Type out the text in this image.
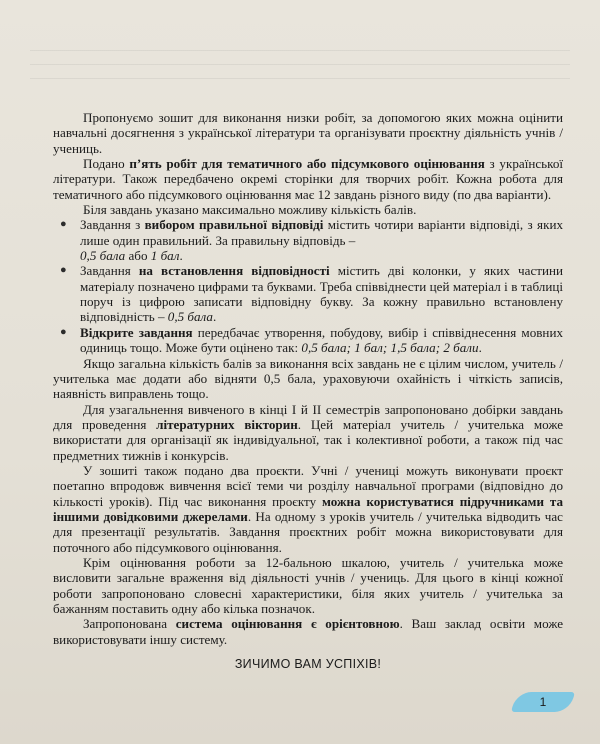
Пропонуємо зошит для виконання низки робіт, за допомогою яких можна оцінити навчальні досягнення з української літератури та організувати проєктну діяльність учнів / учениць.

Подано п’ять робіт для тематичного або підсумкового оцінювання з української літератури. Також передбачено окремі сторінки для творчих робіт. Кожна робота для тематичного або підсумкового оцінювання має 12 завдань різного виду (по два варіанти).

Біля завдань указано максимально можливу кількість балів.

● Завдання з вибором правильної відповіді містить чотири варіанти відповіді, з яких лише один правильний. За правильну відповідь –
0,5 бала або 1 бал.
● Завдання на встановлення відповідності містить дві колонки, у яких частини матеріалу позначено цифрами та буквами. Треба співвіднести цей матеріал і в таблиці поруч із цифрою записати відповідну букву. За кожну правильно встановлену відповідність – 0,5 бала.
● Відкрите завдання передбачає утворення, побудову, вибір і співвіднесення мовних одиниць тощо. Може бути оцінено так: 0,5 бала; 1 бал; 1,5 бала; 2 бали.

Якщо загальна кількість балів за виконання всіх завдань не є цілим числом, учитель / учителька має додати або відняти 0,5 бала, ураховуючи охайність і чіткість записів, наявність виправлень тощо.

Для узагальнення вивченого в кінці І й ІІ семестрів запропоновано добірки завдань для проведення літературних вікторин. Цей матеріал учитель / учителька може використати для організації як індивідуальної, так і колективної роботи, а також під час предметних тижнів і конкурсів.

У зошиті також подано два проєкти. Учні / учениці можуть виконувати проєкт поетапно впродовж вивчення всієї теми чи розділу навчальної програми (відповідно до кількості уроків). Під час виконання проєкту можна користуватися підручниками та іншими довідковими джерелами. На одному з уроків учитель / учителька відводить час для презентації результатів. Завдання проєктних робіт можна використовувати для поточного або підсумкового оцінювання.

Крім оцінювання роботи за 12-бальною шкалою, учитель / учителька може висловити загальне враження від діяльності учнів / учениць. Для цього в кінці кожної роботи запропоновано словесні характеристики, біля яких учитель / учителька за бажанням поставить одну або кілька позначок.

Запропонована система оцінювання є орієнтовною. Ваш заклад освіти може використовувати іншу систему.

ЗИЧИМО ВАМ УСПІХІВ!

1
